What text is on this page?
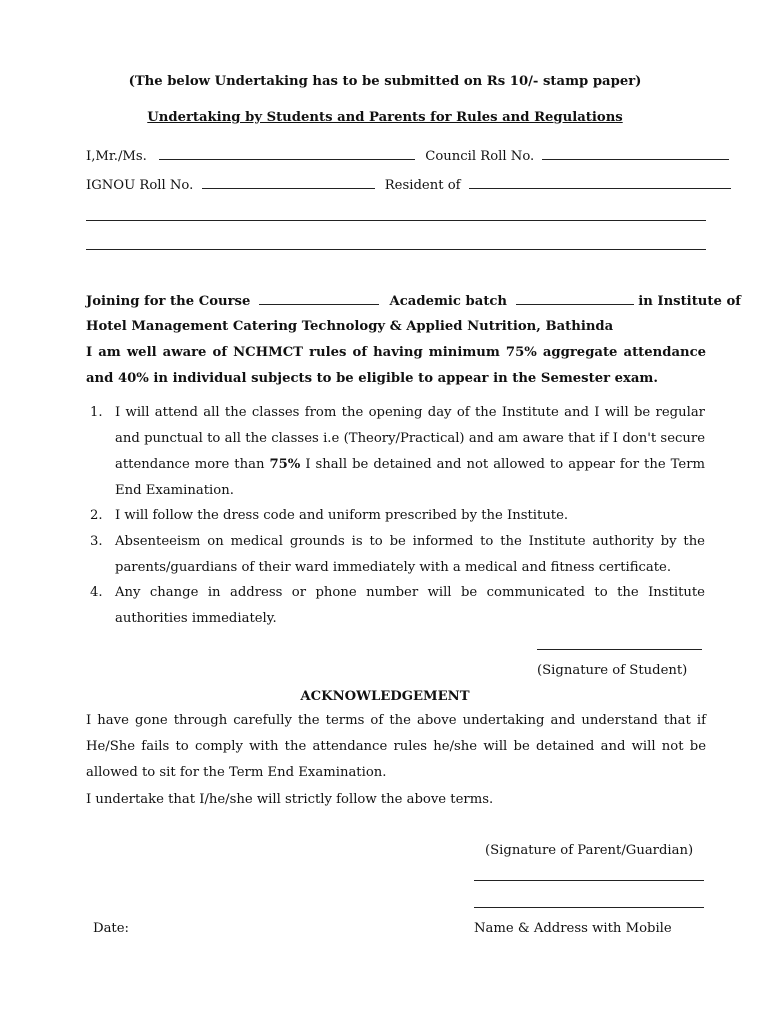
(The below Undertaking has to be submitted on Rs 10/- stamp paper)
Undertaking by Students and Parents for Rules and Regulations
I,Mr./Ms.	Council Roll No.
IGNOU Roll No.	Resident of
Joining for the Course	Academic batch	in Institute of
Hotel Management Catering Technology & Applied Nutrition, Bathinda
I am well aware of NCHMCT rules of having minimum 75% aggregate attendance and 40% in individual subjects to be eligible to appear in the Semester exam.
1. I will attend all the classes from the opening day of the Institute and I will be regular and punctual to all the classes i.e (Theory/Practical) and am aware that if I don't secure attendance more than 75% I shall be detained and not allowed to appear for the Term End Examination.
2. I will follow the dress code and uniform prescribed by the Institute.
3. Absenteeism on medical grounds is to be informed to the Institute authority by the parents/guardians of their ward immediately with a medical and fitness certificate.
4. Any change in address or phone number will be communicated to the Institute authorities immediately.
(Signature of Student)
ACKNOWLEDGEMENT
I have gone through carefully the terms of the above undertaking and understand that if He/She fails to comply with the attendance rules he/she will be detained and will not be allowed to sit for the Term End Examination.
I undertake that I/he/she will strictly follow the above terms.
(Signature of Parent/Guardian)
Date:	Name & Address with Mobile
